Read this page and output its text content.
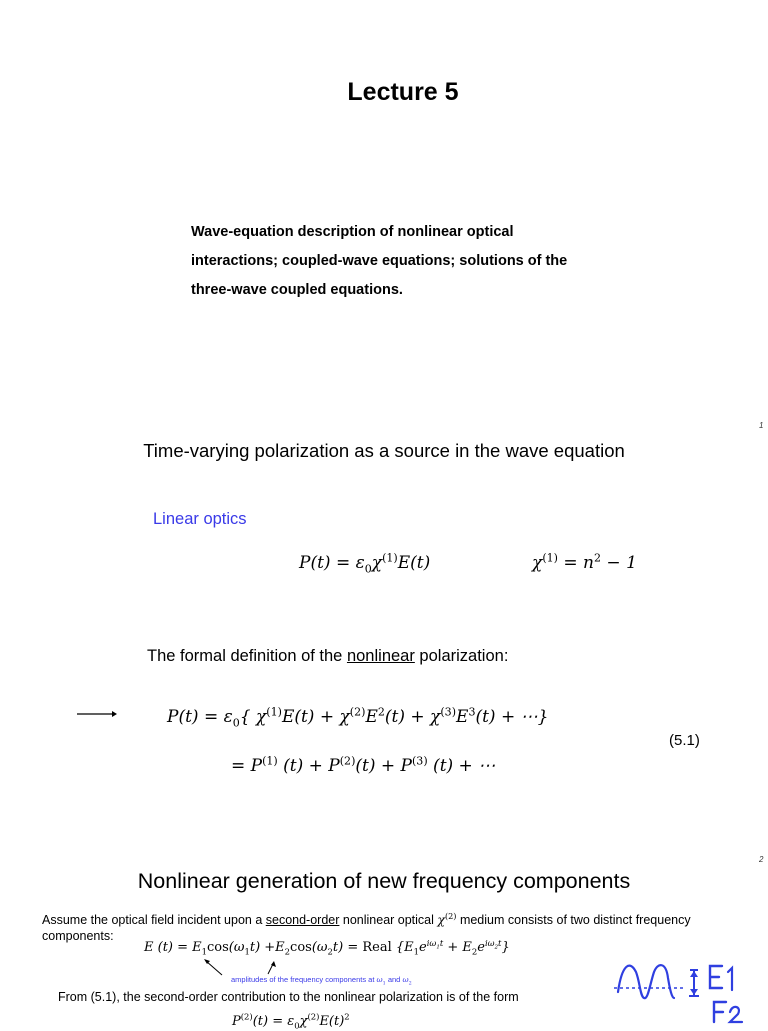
Lecture 5
Wave-equation description of nonlinear optical
interactions; coupled-wave equations; solutions of the
three-wave coupled equations.
1
Time-varying polarization as a source in the wave equation
Linear optics
$P(t) = \varepsilon_0\chi^{(1)}E(t)$	$\chi^{(1)} = n^2 - 1$
The formal definition of the nonlinear polarization:
$P(t) = \varepsilon_0${ $\chi^{(1)}E(t) + \chi^{(2)}E^2(t) + \chi^{(3)}E^3(t)$ + ⋯}
(5.1)
= $P^{(1)}$ $(t) + P^{(2)}(t) + P^{(3)}$ (t) + ⋯
2
Nonlinear generation of new frequency components
Assume the optical field incident upon a second-order nonlinear optical $\chi^{(2)}$ medium consists of two distinct frequency components:
E $(t) = E_1\cos(\omega_1t) +E_2\cos(\omega_2t)$ = Real $\{E_1e^{i\omega_1t} + E_2e^{i\omega_2t}\}$
amplitudes of the frequency components at $\omega_1$ and $\omega_2$
From (5.1), the second-order contribution to the nonlinear polarization is of the form
$P^{(2)}(t) = \varepsilon_0\chi^{(2)}E(t)^2$
